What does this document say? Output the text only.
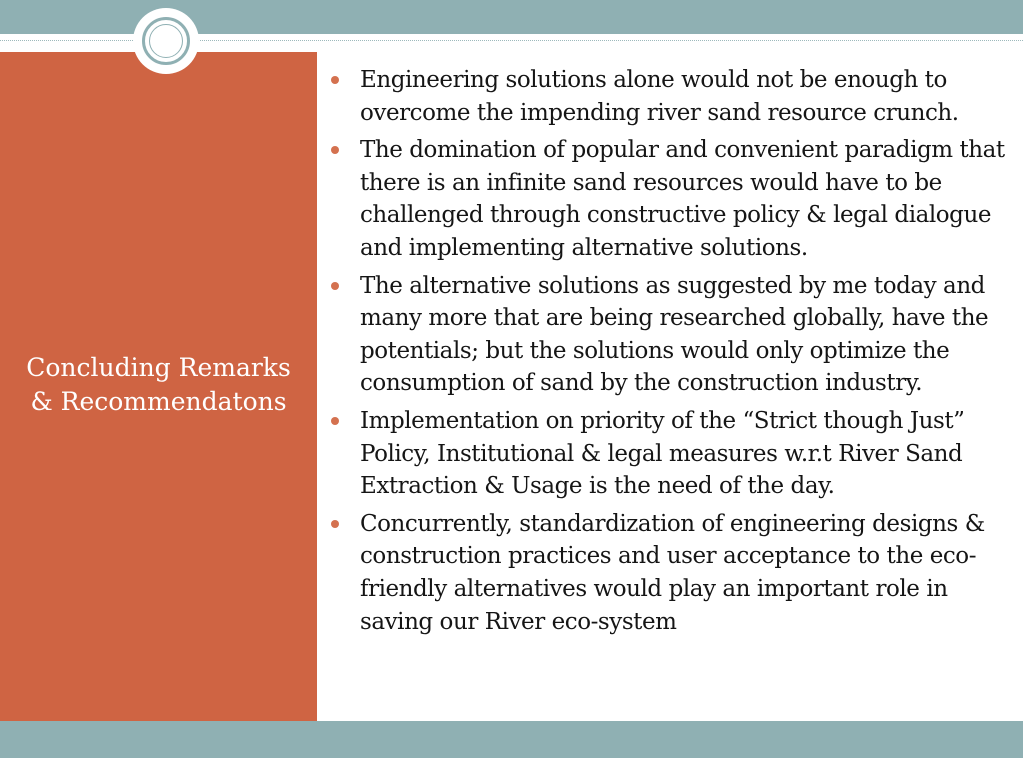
Concluding Remarks & Recommendatons
Engineering solutions alone would not be enough to overcome the impending river sand resource crunch.
The domination of popular and convenient paradigm that there is an infinite sand resources would have to be challenged through constructive policy & legal dialogue and implementing alternative solutions.
The alternative solutions as suggested by me today and many more that are being researched globally, have the potentials; but the solutions would only optimize the consumption of sand by the construction industry.
Implementation on priority of the “Strict though Just” Policy, Institutional & legal measures w.r.t River Sand Extraction & Usage is the need of the day.
Concurrently, standardization of engineering designs & construction practices and user acceptance to the eco-friendly alternatives would play an important role in saving our River eco-system
